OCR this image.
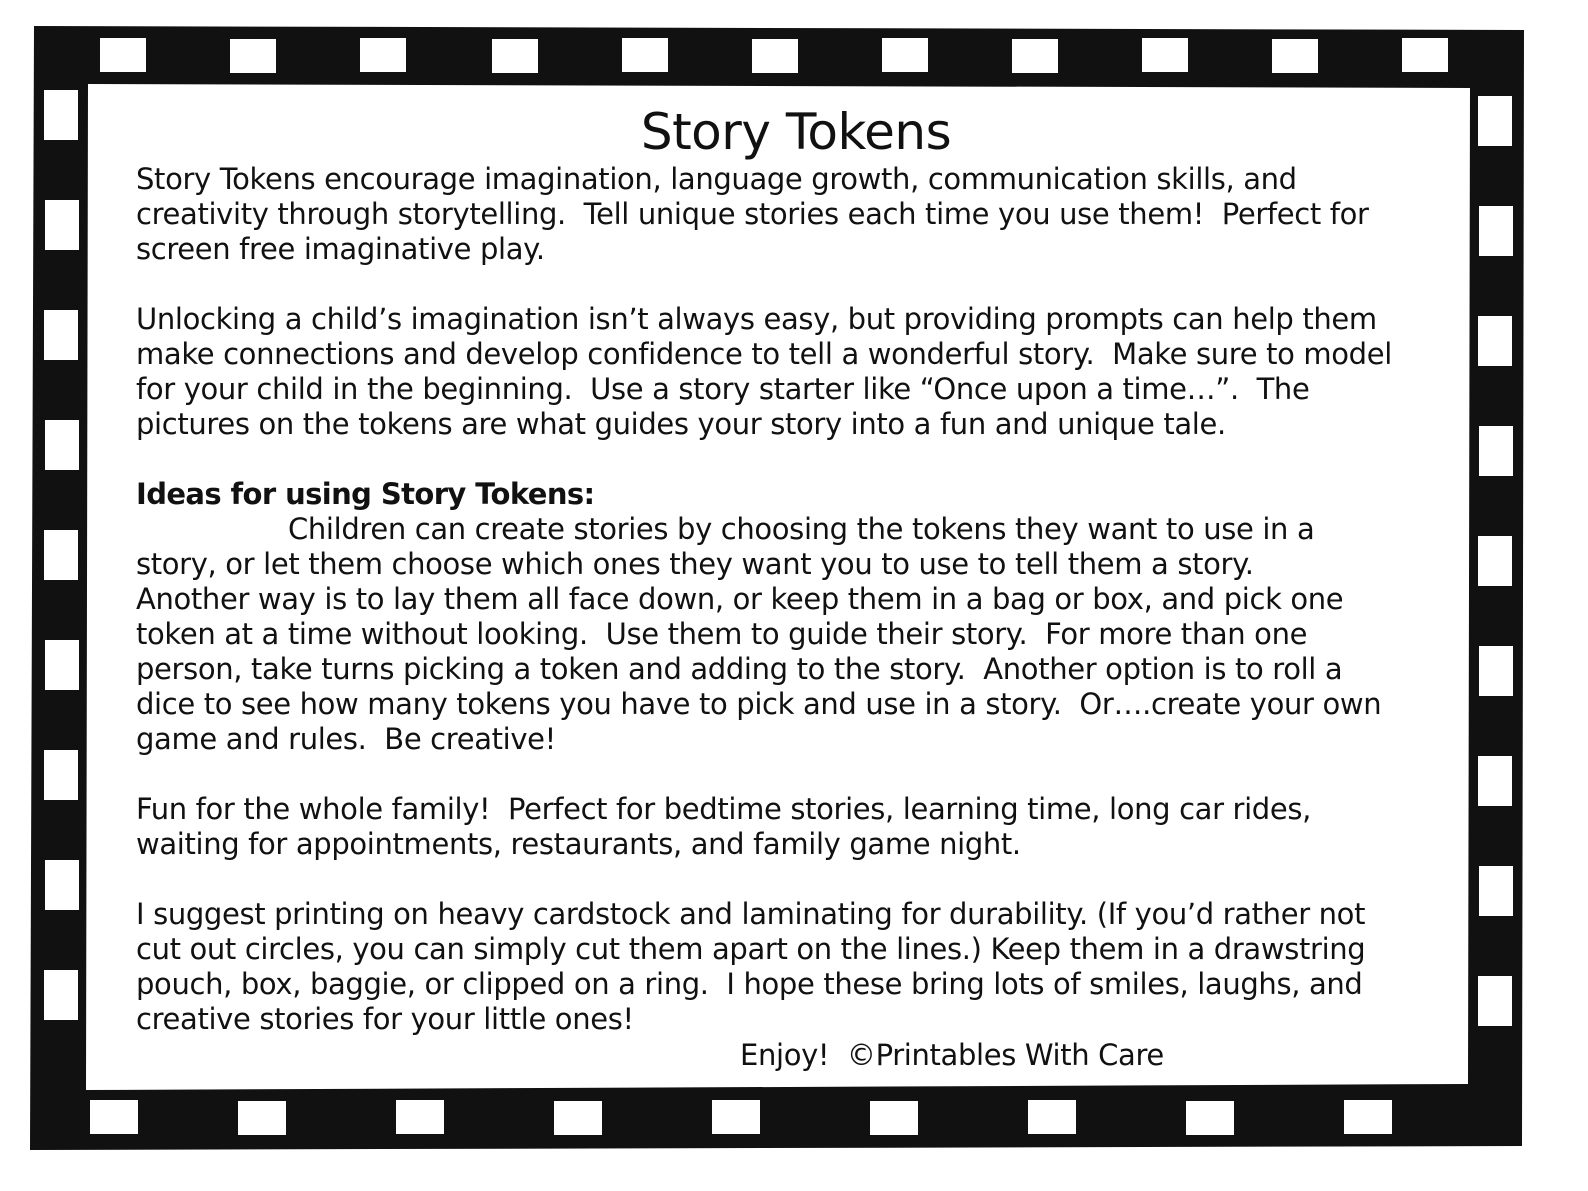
Story Tokens
Story Tokens encourage imagination, language growth, communication skills, and
creativity through storytelling.  Tell unique stories each time you use them!  Perfect for
screen free imaginative play.
Unlocking a child’s imagination isn’t always easy, but providing prompts can help them
make connections and develop confidence to tell a wonderful story.  Make sure to model
for your child in the beginning.  Use a story starter like “Once upon a time…”.  The
pictures on the tokens are what guides your story into a fun and unique tale.
Ideas for using Story Tokens:
Children can create stories by choosing the tokens they want to use in a
story, or let them choose which ones they want you to use to tell them a story.
Another way is to lay them all face down, or keep them in a bag or box, and pick one
token at a time without looking.  Use them to guide their story.  For more than one
person, take turns picking a token and adding to the story.  Another option is to roll a
dice to see how many tokens you have to pick and use in a story.  Or….create your own
game and rules.  Be creative!
Fun for the whole family!  Perfect for bedtime stories, learning time, long car rides,
waiting for appointments, restaurants, and family game night.
I suggest printing on heavy cardstock and laminating for durability. (If you’d rather not
cut out circles, you can simply cut them apart on the lines.) Keep them in a drawstring
pouch, box, baggie, or clipped on a ring.  I hope these bring lots of smiles, laughs, and
creative stories for your little ones!
Enjoy!  ©Printables With Care
